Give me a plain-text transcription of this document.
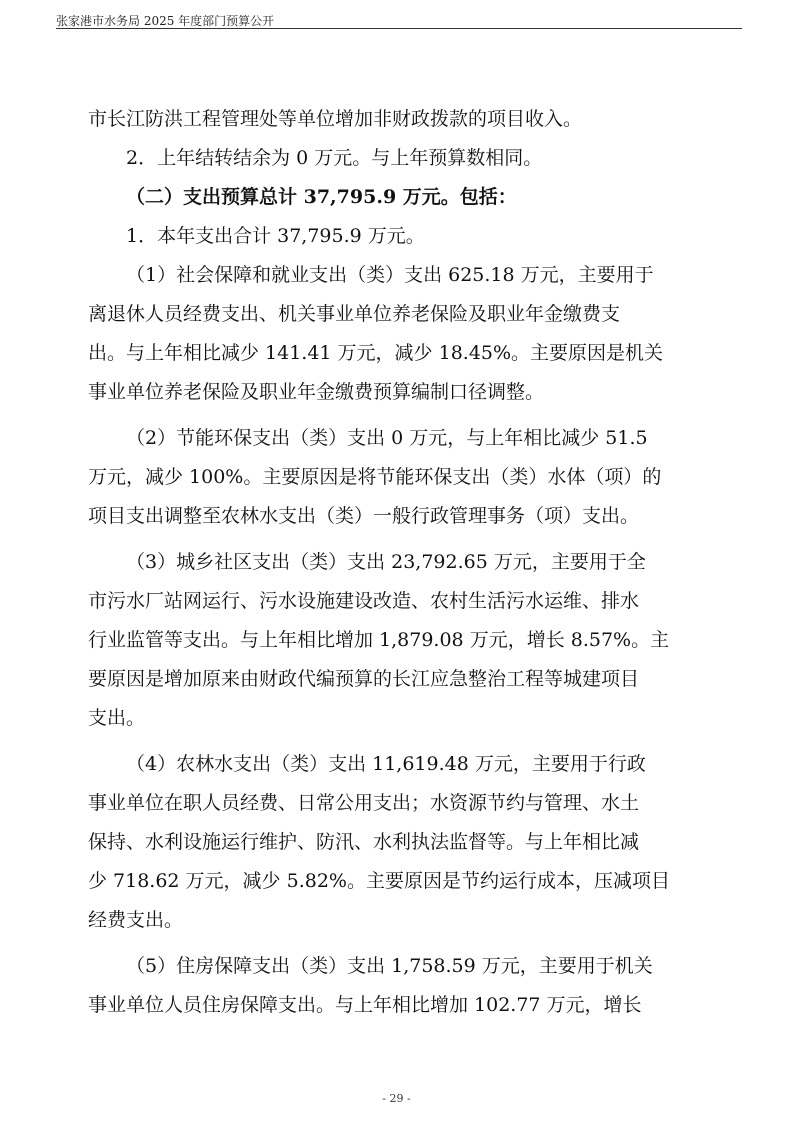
张家港市水务局 2025 年度部门预算公开
市长江防洪工程管理处等单位增加非财政拨款的项目收入。
2．上年结转结余为 0 万元。与上年预算数相同。
（二）支出预算总计 37,795.9 万元。包括：
1．本年支出合计 37,795.9 万元。
（1）社会保障和就业支出（类）支出 625.18 万元，主要用于
离退休人员经费支出、机关事业单位养老保险及职业年金缴费支
出。与上年相比减少 141.41 万元，减少 18.45%。主要原因是机关
事业单位养老保险及职业年金缴费预算编制口径调整。
（2）节能环保支出（类）支出 0 万元，与上年相比减少 51.5
万元，减少 100%。主要原因是将节能环保支出（类）水体（项）的
项目支出调整至农林水支出（类）一般行政管理事务（项）支出。
（3）城乡社区支出（类）支出 23,792.65 万元，主要用于全
市污水厂站网运行、污水设施建设改造、农村生活污水运维、排水
行业监管等支出。与上年相比增加 1,879.08 万元，增长 8.57%。主
要原因是增加原来由财政代编预算的长江应急整治工程等城建项目
支出。
（4）农林水支出（类）支出 11,619.48 万元，主要用于行政
事业单位在职人员经费、日常公用支出；水资源节约与管理、水土
保持、水利设施运行维护、防汛、水利执法监督等。与上年相比减
少 718.62 万元，减少 5.82%。主要原因是节约运行成本，压减项目
经费支出。
（5）住房保障支出（类）支出 1,758.59 万元，主要用于机关
事业单位人员住房保障支出。与上年相比增加 102.77 万元，增长
- 29 -
